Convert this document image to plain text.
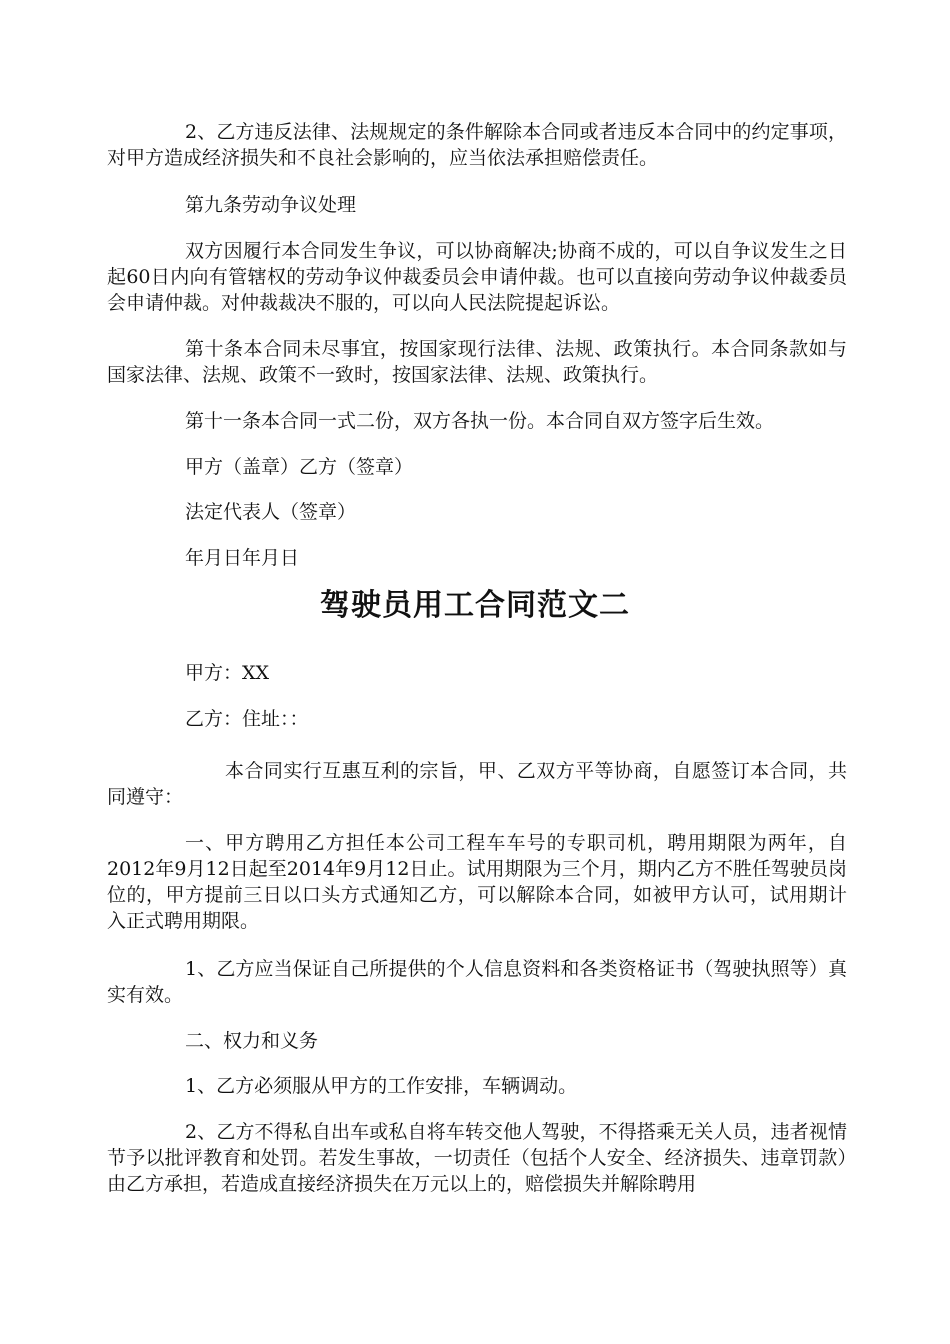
2、乙方违反法律、法规规定的条件解除本合同或者违反本合同中的约定事项，对甲方造成经济损失和不良社会影响的，应当依法承担赔偿责任。

第九条劳动争议处理

双方因履行本合同发生争议，可以协商解决;协商不成的，可以自争议发生之日起60日内向有管辖权的劳动争议仲裁委员会申请仲裁。也可以直接向劳动争议仲裁委员会申请仲裁。对仲裁裁决不服的，可以向人民法院提起诉讼。

第十条本合同未尽事宜，按国家现行法律、法规、政策执行。本合同条款如与国家法律、法规、政策不一致时，按国家法律、法规、政策执行。

第十一条本合同一式二份，双方各执一份。本合同自双方签字后生效。

甲方（盖章）乙方（签章）

法定代表人（签章）

年月日年月日

驾驶员用工合同范文二

甲方：XX

乙方：住址：：

本合同实行互惠互利的宗旨，甲、乙双方平等协商，自愿签订本合同，共同遵守：

一、甲方聘用乙方担任本公司工程车车号的专职司机，聘用期限为两年，自2012年9月12日起至2014年9月12日止。试用期限为三个月，期内乙方不胜任驾驶员岗位的，甲方提前三日以口头方式通知乙方，可以解除本合同，如被甲方认可，试用期计入正式聘用期限。

1、乙方应当保证自己所提供的个人信息资料和各类资格证书（驾驶执照等）真实有效。

二、权力和义务

1、乙方必须服从甲方的工作安排，车辆调动。

2、乙方不得私自出车或私自将车转交他人驾驶，不得搭乘无关人员，违者视情节予以批评教育和处罚。若发生事故，一切责任（包括个人安全、经济损失、违章罚款）由乙方承担，若造成直接经济损失在万元以上的，赔偿损失并解除聘用
